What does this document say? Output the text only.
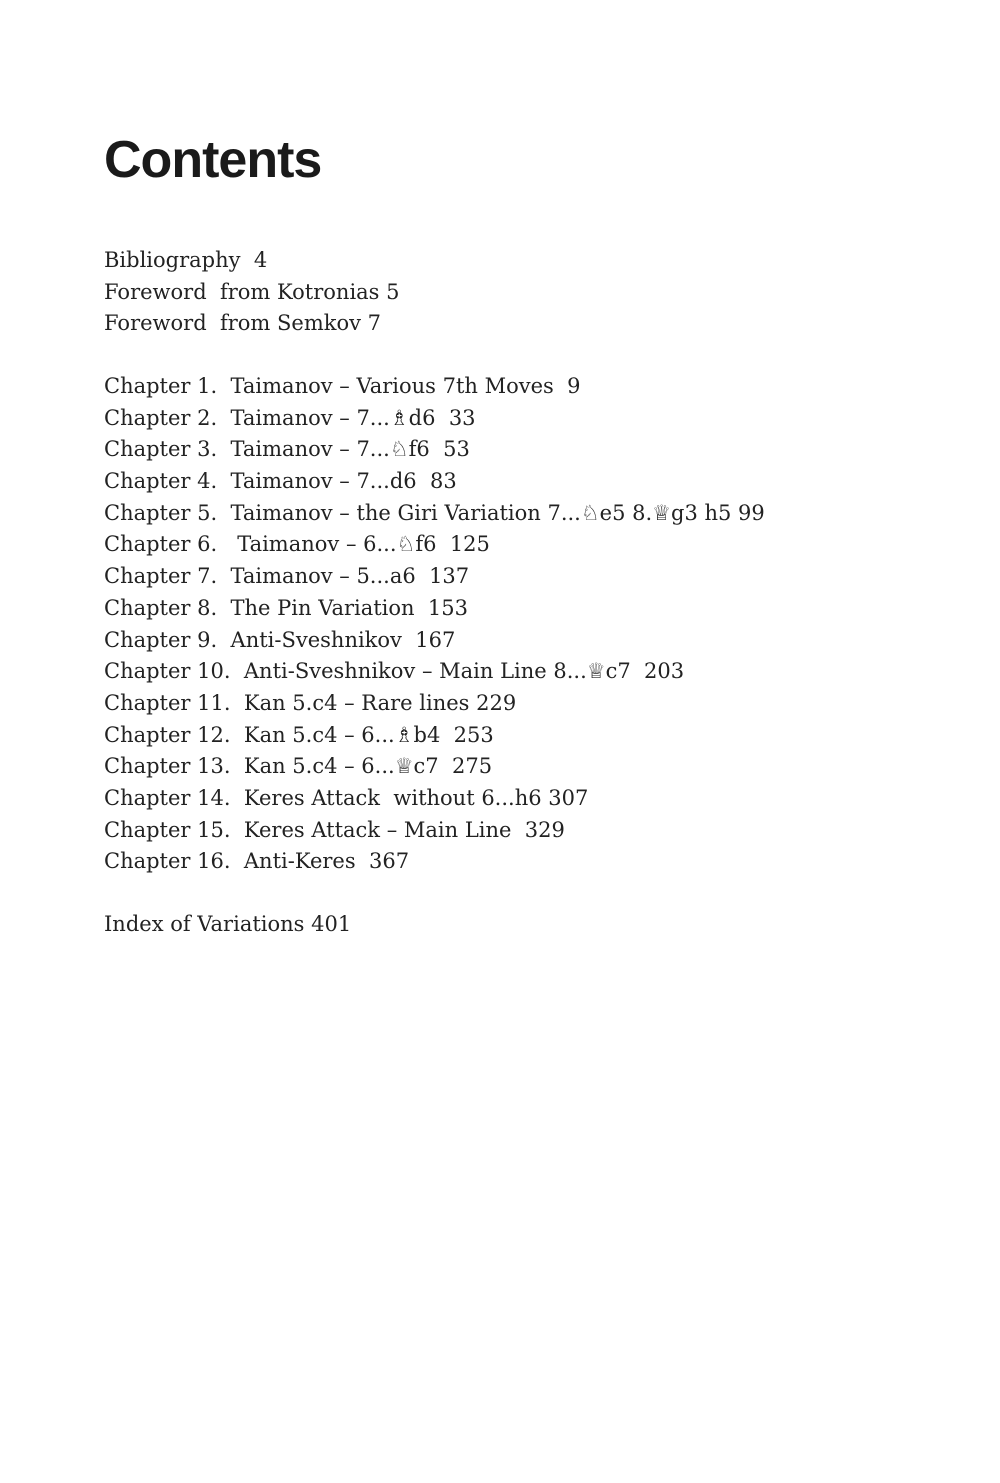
Contents
Bibliography  4
Foreword  from Kotronias 5
Foreword  from Semkov 7
Chapter 1.  Taimanov – Various 7th Moves  9
Chapter 2.  Taimanov – 7...♗d6  33
Chapter 3.  Taimanov – 7...♘f6  53
Chapter 4.  Taimanov – 7...d6  83
Chapter 5.  Taimanov – the Giri Variation 7...♘e5 8.♕g3 h5 99
Chapter 6.   Taimanov – 6...♘f6  125
Chapter 7.  Taimanov – 5...a6  137
Chapter 8.  The Pin Variation  153
Chapter 9.  Anti-Sveshnikov  167
Chapter 10.  Anti-Sveshnikov – Main Line 8...♕c7  203
Chapter 11.  Kan 5.c4 – Rare lines 229
Chapter 12.  Kan 5.c4 – 6...♗b4  253
Chapter 13.  Kan 5.c4 – 6...♕c7  275
Chapter 14.  Keres Attack  without 6...h6 307
Chapter 15.  Keres Attack – Main Line  329
Chapter 16.  Anti-Keres  367
Index of Variations 401
